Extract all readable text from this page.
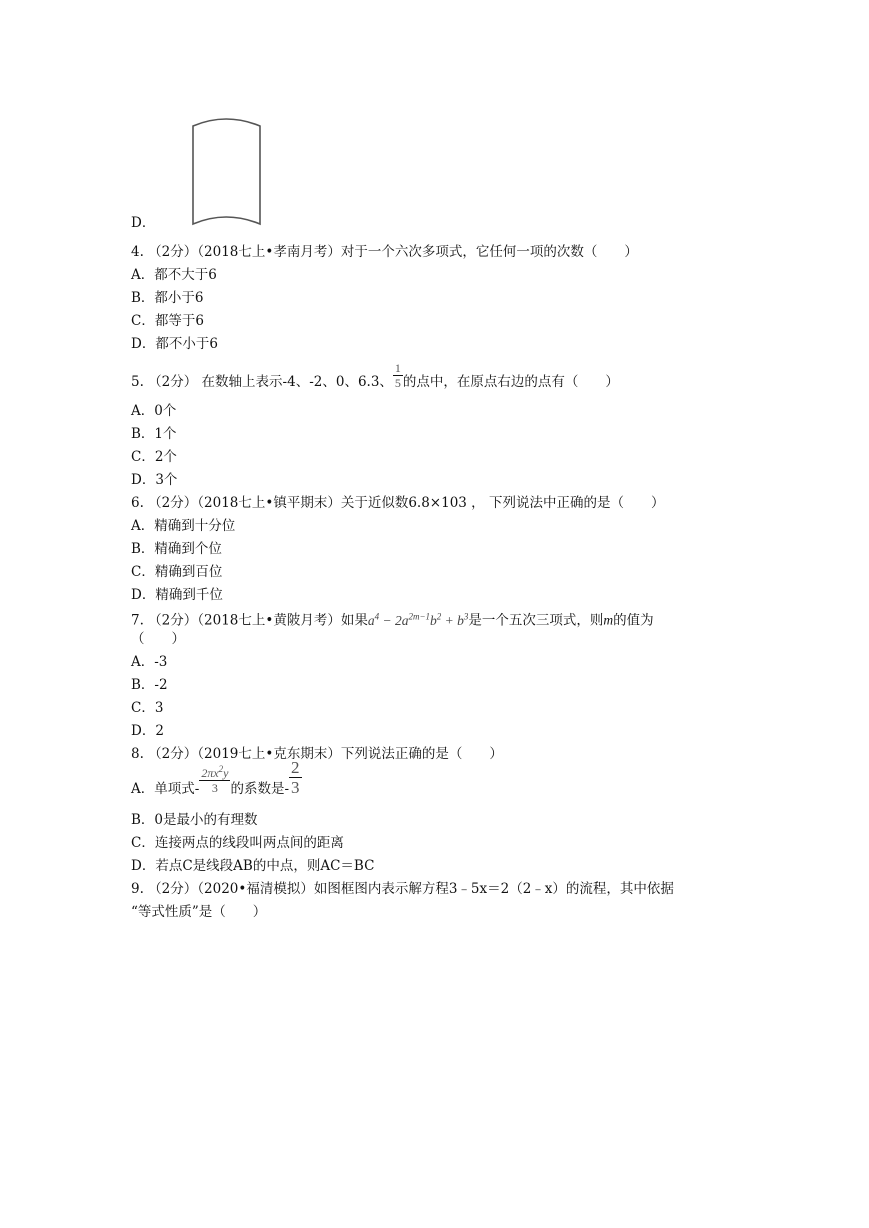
D．
4. （2分）（2018七上•孝南月考）对于一个六次多项式，它任何一项的次数（　　）
A．都不大于6
B．都小于6
C．都等于6
D．都不小于6
5. （2分） 在数轴上表示-4、-2、0、6.3、 $\frac{1}{5}$ 的点中，在原点右边的点有（　　）
A．0个
B．1个
C．2个
D．3个
6. （2分）（2018七上•镇平期末）关于近似数6.8×103 ， 下列说法中正确的是（　　）
A．精确到十分位
B．精确到个位
C．精确到百位
D．精确到千位
7. （2分）（2018七上•黄陂月考）如果$a^4 - 2a^{2m-1}b^2 + b^3$是一个五次三项式，则m的值为
（　　）
A．-3
B．-2
C．3
D．2
8. （2分）（2019七上•克东期末）下列说法正确的是（　　）
A．单项式- $\frac{2\pi x^2y}{3}$ 的系数是- $\frac{2}{3}$
B．0是最小的有理数
C．连接两点的线段叫两点间的距离
D．若点C是线段AB的中点，则AC＝BC
9. （2分）（2020•福清模拟）如图框图内表示解方程3﹣5x＝2（2﹣x）的流程，其中依据
“等式性质”是（　　）
